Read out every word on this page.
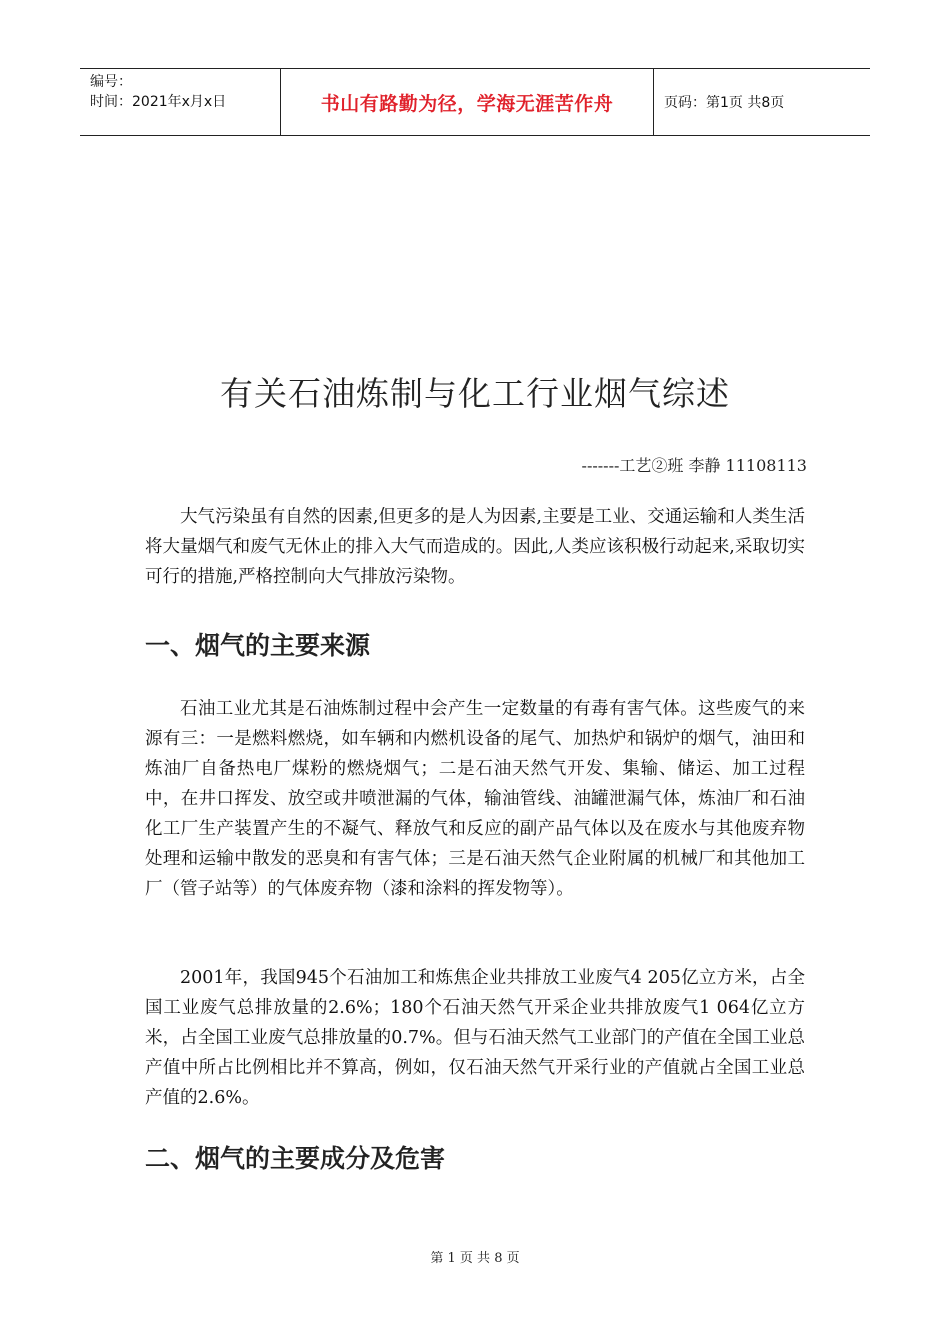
编号：
时间：2021年x月x日	书山有路勤为径，学海无涯苦作舟	页码：第1页 共8页
有关石油炼制与化工行业烟气综述
-------工艺②班 李静 11108113

大气污染虽有自然的因素,但更多的是人为因素,主要是工业、交通运输和人类生活将大量烟气和废气无休止的排入大气而造成的。因此,人类应该积极行动起来,采取切实可行的措施,严格控制向大气排放污染物。

一、烟气的主要来源

石油工业尤其是石油炼制过程中会产生一定数量的有毒有害气体。这些废气的来源有三：一是燃料燃烧，如车辆和内燃机设备的尾气、加热炉和锅炉的烟气，油田和炼油厂自备热电厂煤粉的燃烧烟气；二是石油天然气开发、集输、储运、加工过程中，在井口挥发、放空或井喷泄漏的气体，输油管线、油罐泄漏气体，炼油厂和石油化工厂生产装置产生的不凝气、释放气和反应的副产品气体以及在废水与其他废弃物处理和运输中散发的恶臭和有害气体；三是石油天然气企业附属的机械厂和其他加工厂（管子站等）的气体废弃物（漆和涂料的挥发物等）。

2001年，我国945个石油加工和炼焦企业共排放工业废气4 205亿立方米，占全国工业废气总排放量的2.6%；180个石油天然气开采企业共排放废气1 064亿立方米，占全国工业废气总排放量的0.7%。但与石油天然气工业部门的产值在全国工业总产值中所占比例相比并不算高，例如，仅石油天然气开采行业的产值就占全国工业总产值的2.6%。

二、烟气的主要成分及危害
第 1 页 共 8 页
